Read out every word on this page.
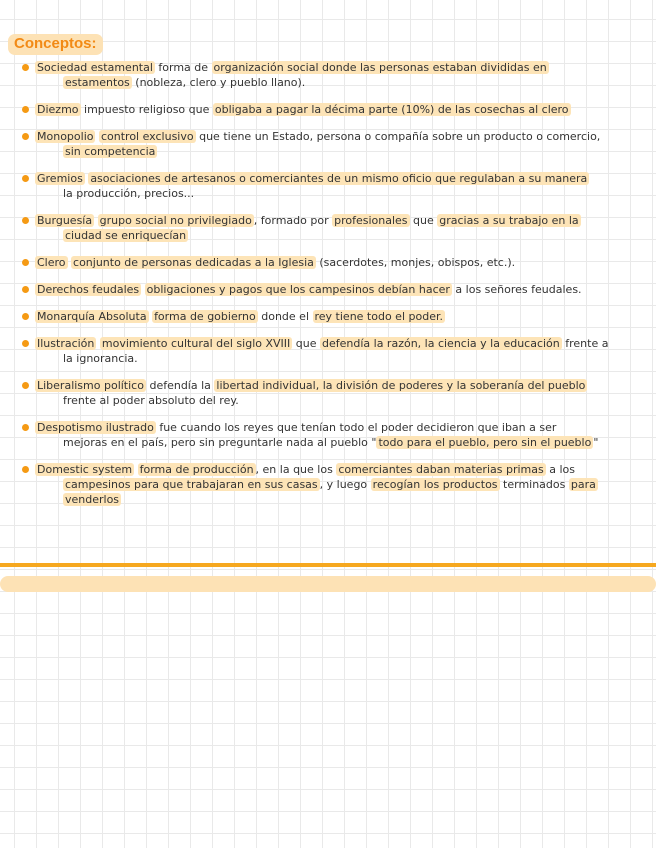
Conceptos:
Sociedad estamental forma de organización social donde las personas estaban divididas en
estamentos (nobleza, clero y pueblo llano).
Diezmo impuesto religioso que obligaba a pagar la décima parte (10%) de las cosechas al clero
Monopolio control exclusivo que tiene un Estado, persona o compañía sobre un producto o comercio,
sin competencia
Gremios asociaciones de artesanos o comerciantes de un mismo oficio que regulaban a su manera
la producción, precios...
Burguesía grupo social no privilegiado , formado por profesionales que gracias a su trabajo en la
ciudad se enriquecían
Clero conjunto de personas dedicadas a la Iglesia (sacerdotes, monjes, obispos, etc.).
Derechos feudales obligaciones y pagos que los campesinos debían hacer a los señores feudales.
Monarquía Absoluta forma de gobierno donde el rey tiene todo el poder.
Ilustración movimiento cultural del siglo XVIII que defendía la razón, la ciencia y la educación frente a
la ignorancia.
Liberalismo político defendía la libertad individual, la división de poderes y la soberanía del pueblo
frente al poder absoluto del rey.
Despotismo ilustrado fue cuando los reyes que tenían todo el poder decidieron que iban a ser
mejoras en el país, pero sin preguntarle nada al pueblo " todo para el pueblo, pero sin el pueblo "
Domestic system forma de producción , en la que los comerciantes daban materias primas a los
campesinos para que trabajaran en sus casas , y luego recogían los productos terminados para
venderlos
